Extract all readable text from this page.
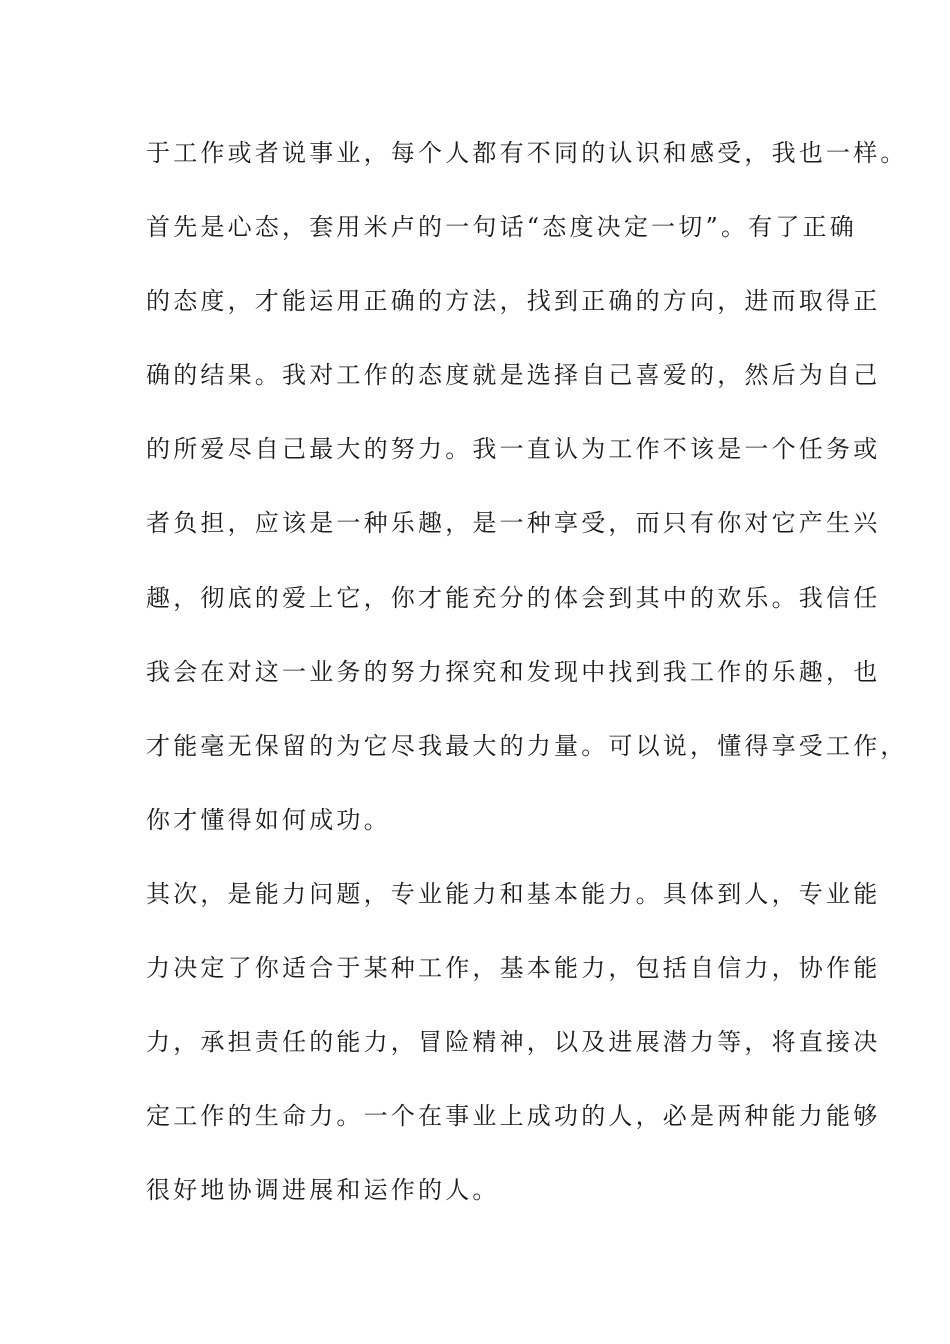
于工作或者说事业，每个人都有不同的认识和感受，我也一样。
首先是心态，套用米卢的一句话“态度决定一切”。有了正确
的态度，才能运用正确的方法，找到正确的方向，进而取得正
确的结果。我对工作的态度就是选择自己喜爱的，然后为自己
的所爱尽自己最大的努力。我一直认为工作不该是一个任务或
者负担，应该是一种乐趣，是一种享受，而只有你对它产生兴
趣，彻底的爱上它，你才能充分的体会到其中的欢乐。我信任
我会在对这一业务的努力探究和发现中找到我工作的乐趣，也
才能毫无保留的为它尽我最大的力量。可以说，懂得享受工作，
你才懂得如何成功。
其次，是能力问题，专业能力和基本能力。具体到人，专业能
力决定了你适合于某种工作，基本能力，包括自信力，协作能
力，承担责任的能力，冒险精神，以及进展潜力等，将直接决
定工作的生命力。一个在事业上成功的人，必是两种能力能够
很好地协调进展和运作的人。
